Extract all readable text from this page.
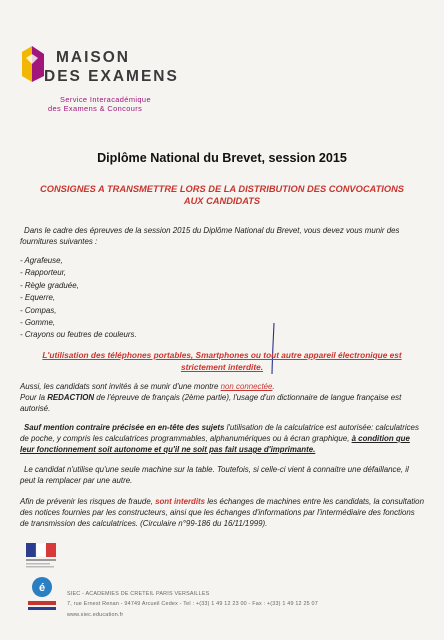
MAISON
DES EXAMENS
Service Interacadémique
des Examens & Concours
Diplôme National du Brevet, session 2015
CONSIGNES A TRANSMETTRE LORS DE LA DISTRIBUTION DES CONVOCATIONS
AUX CANDIDATS
Dans le cadre des épreuves de la session 2015 du Diplôme National du Brevet, vous devez vous munir des
fournitures suivantes :
- Agrafeuse,
- Rapporteur,
- Règle graduée,
- Equerre,
- Compas,
- Gomme,
- Crayons ou feutres de couleurs.
L'utilisation des téléphones portables, Smartphones ou tout autre appareil électronique est
strictement interdite.
Aussi, les candidats sont invités à se munir d'une montre non connectée.
Pour la REDACTION de l'épreuve de français (2ème partie), l'usage d'un dictionnaire de langue française est
autorisé.
Sauf mention contraire précisée en en-tête des sujets l'utilisation de la calculatrice est autorisée: calculatrices
de poche, y compris les calculatrices programmables, alphanumériques ou à écran graphique, à condition que
leur fonctionnement soit autonome et qu'il ne soit pas fait usage d'imprimante.
Le candidat n'utilise qu'une seule machine sur la table. Toutefois, si celle-ci vient à connaitre une défaillance, il
peut la remplacer par une autre.
Afin de prévenir les risques de fraude, sont interdits les échanges de machines entre les candidats, la consultation
des notices fournies par les constructeurs, ainsi que les échanges d'informations par l'intermédiaire des fonctions
de transmission des calculatrices. (Circulaire n°99-186 du 16/11/1999).
é	SIEC - ACADEMIES DE CRETEIL PARIS VERSAILLES
7, rue Ernest Renan - 94749 Arcueil Cedex - Tel : +(33) 1 49 12 23 00 - Fax : +(33) 1 49 12 25 07
www.siec.education.fr
